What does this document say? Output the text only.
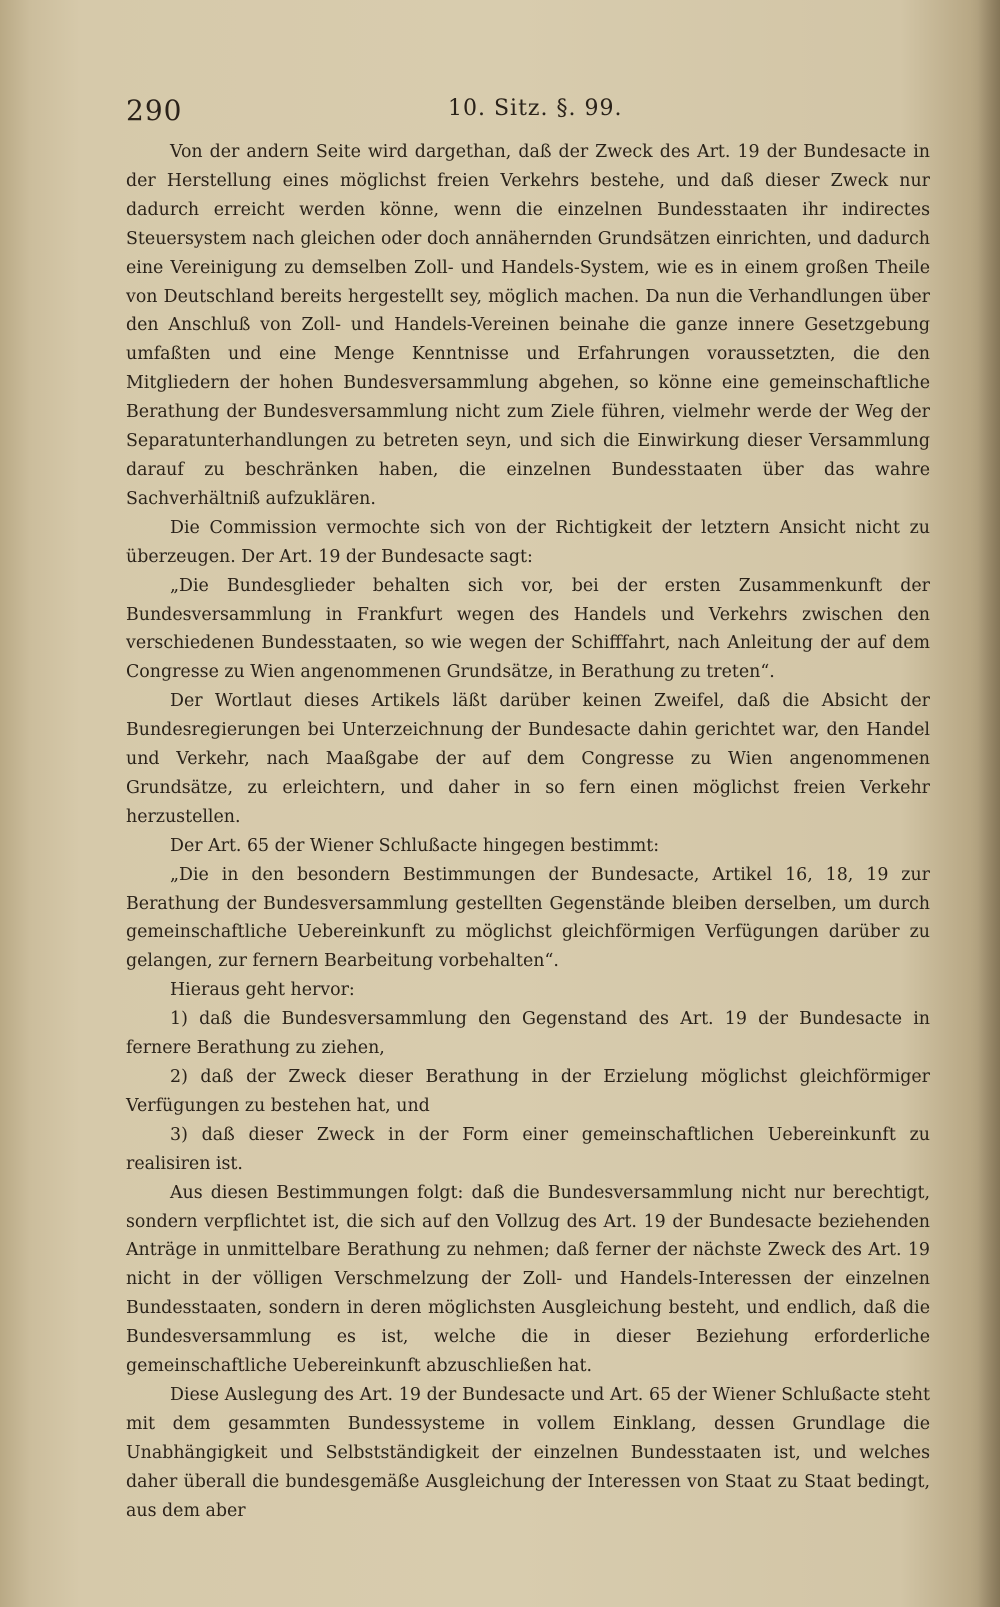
290	10. Sitz. §. 99.

Von der andern Seite wird dargethan, daß der Zweck des Art. 19 der Bundesacte in der Herstellung eines möglichst freien Verkehrs bestehe, und daß dieser Zweck nur dadurch erreicht werden könne, wenn die einzelnen Bundesstaaten ihr indirectes Steuersystem nach gleichen oder doch annähernden Grundsätzen einrichten, und dadurch eine Vereinigung zu demselben Zoll- und Handels-System, wie es in einem großen Theile von Deutschland bereits hergestellt sey, möglich machen. Da nun die Verhandlungen über den Anschluß von Zoll- und Handels-Vereinen beinahe die ganze innere Gesetzgebung umfaßten und eine Menge Kenntnisse und Erfahrungen voraussetzten, die den Mitgliedern der hohen Bundesversammlung abgehen, so könne eine gemeinschaftliche Berathung der Bundesversammlung nicht zum Ziele führen, vielmehr werde der Weg der Separatunterhandlungen zu betreten seyn, und sich die Einwirkung dieser Versammlung darauf zu beschränken haben, die einzelnen Bundesstaaten über das wahre Sachverhältniß aufzuklären.

Die Commission vermochte sich von der Richtigkeit der letztern Ansicht nicht zu überzeugen. Der Art. 19 der Bundesacte sagt:

„Die Bundesglieder behalten sich vor, bei der ersten Zusammenkunft der Bundesversammlung in Frankfurt wegen des Handels und Verkehrs zwischen den verschiedenen Bundesstaaten, so wie wegen der Schifffahrt, nach Anleitung der auf dem Congresse zu Wien angenommenen Grundsätze, in Berathung zu treten“.

Der Wortlaut dieses Artikels läßt darüber keinen Zweifel, daß die Absicht der Bundesregierungen bei Unterzeichnung der Bundesacte dahin gerichtet war, den Handel und Verkehr, nach Maaßgabe der auf dem Congresse zu Wien angenommenen Grundsätze, zu erleichtern, und daher in so fern einen möglichst freien Verkehr herzustellen.

Der Art. 65 der Wiener Schlußacte hingegen bestimmt:

„Die in den besondern Bestimmungen der Bundesacte, Artikel 16, 18, 19 zur Berathung der Bundesversammlung gestellten Gegenstände bleiben derselben, um durch gemeinschaftliche Uebereinkunft zu möglichst gleichförmigen Verfügungen darüber zu gelangen, zur fernern Bearbeitung vorbehalten“.

Hieraus geht hervor:

1) daß die Bundesversammlung den Gegenstand des Art. 19 der Bundesacte in fernere Berathung zu ziehen,

2) daß der Zweck dieser Berathung in der Erzielung möglichst gleichförmiger Verfügungen zu bestehen hat, und

3) daß dieser Zweck in der Form einer gemeinschaftlichen Uebereinkunft zu realisiren ist.

Aus diesen Bestimmungen folgt: daß die Bundesversammlung nicht nur berechtigt, sondern verpflichtet ist, die sich auf den Vollzug des Art. 19 der Bundesacte beziehenden Anträge in unmittelbare Berathung zu nehmen; daß ferner der nächste Zweck des Art. 19 nicht in der völligen Verschmelzung der Zoll- und Handels-Interessen der einzelnen Bundesstaaten, sondern in deren möglichsten Ausgleichung besteht, und endlich, daß die Bundesversammlung es ist, welche die in dieser Beziehung erforderliche gemeinschaftliche Uebereinkunft abzuschließen hat.

Diese Auslegung des Art. 19 der Bundesacte und Art. 65 der Wiener Schlußacte steht mit dem gesammten Bundessysteme in vollem Einklang, dessen Grundlage die Unabhängigkeit und Selbstständigkeit der einzelnen Bundesstaaten ist, und welches daher überall die bundesgemäße Ausgleichung der Interessen von Staat zu Staat bedingt, aus dem aber
